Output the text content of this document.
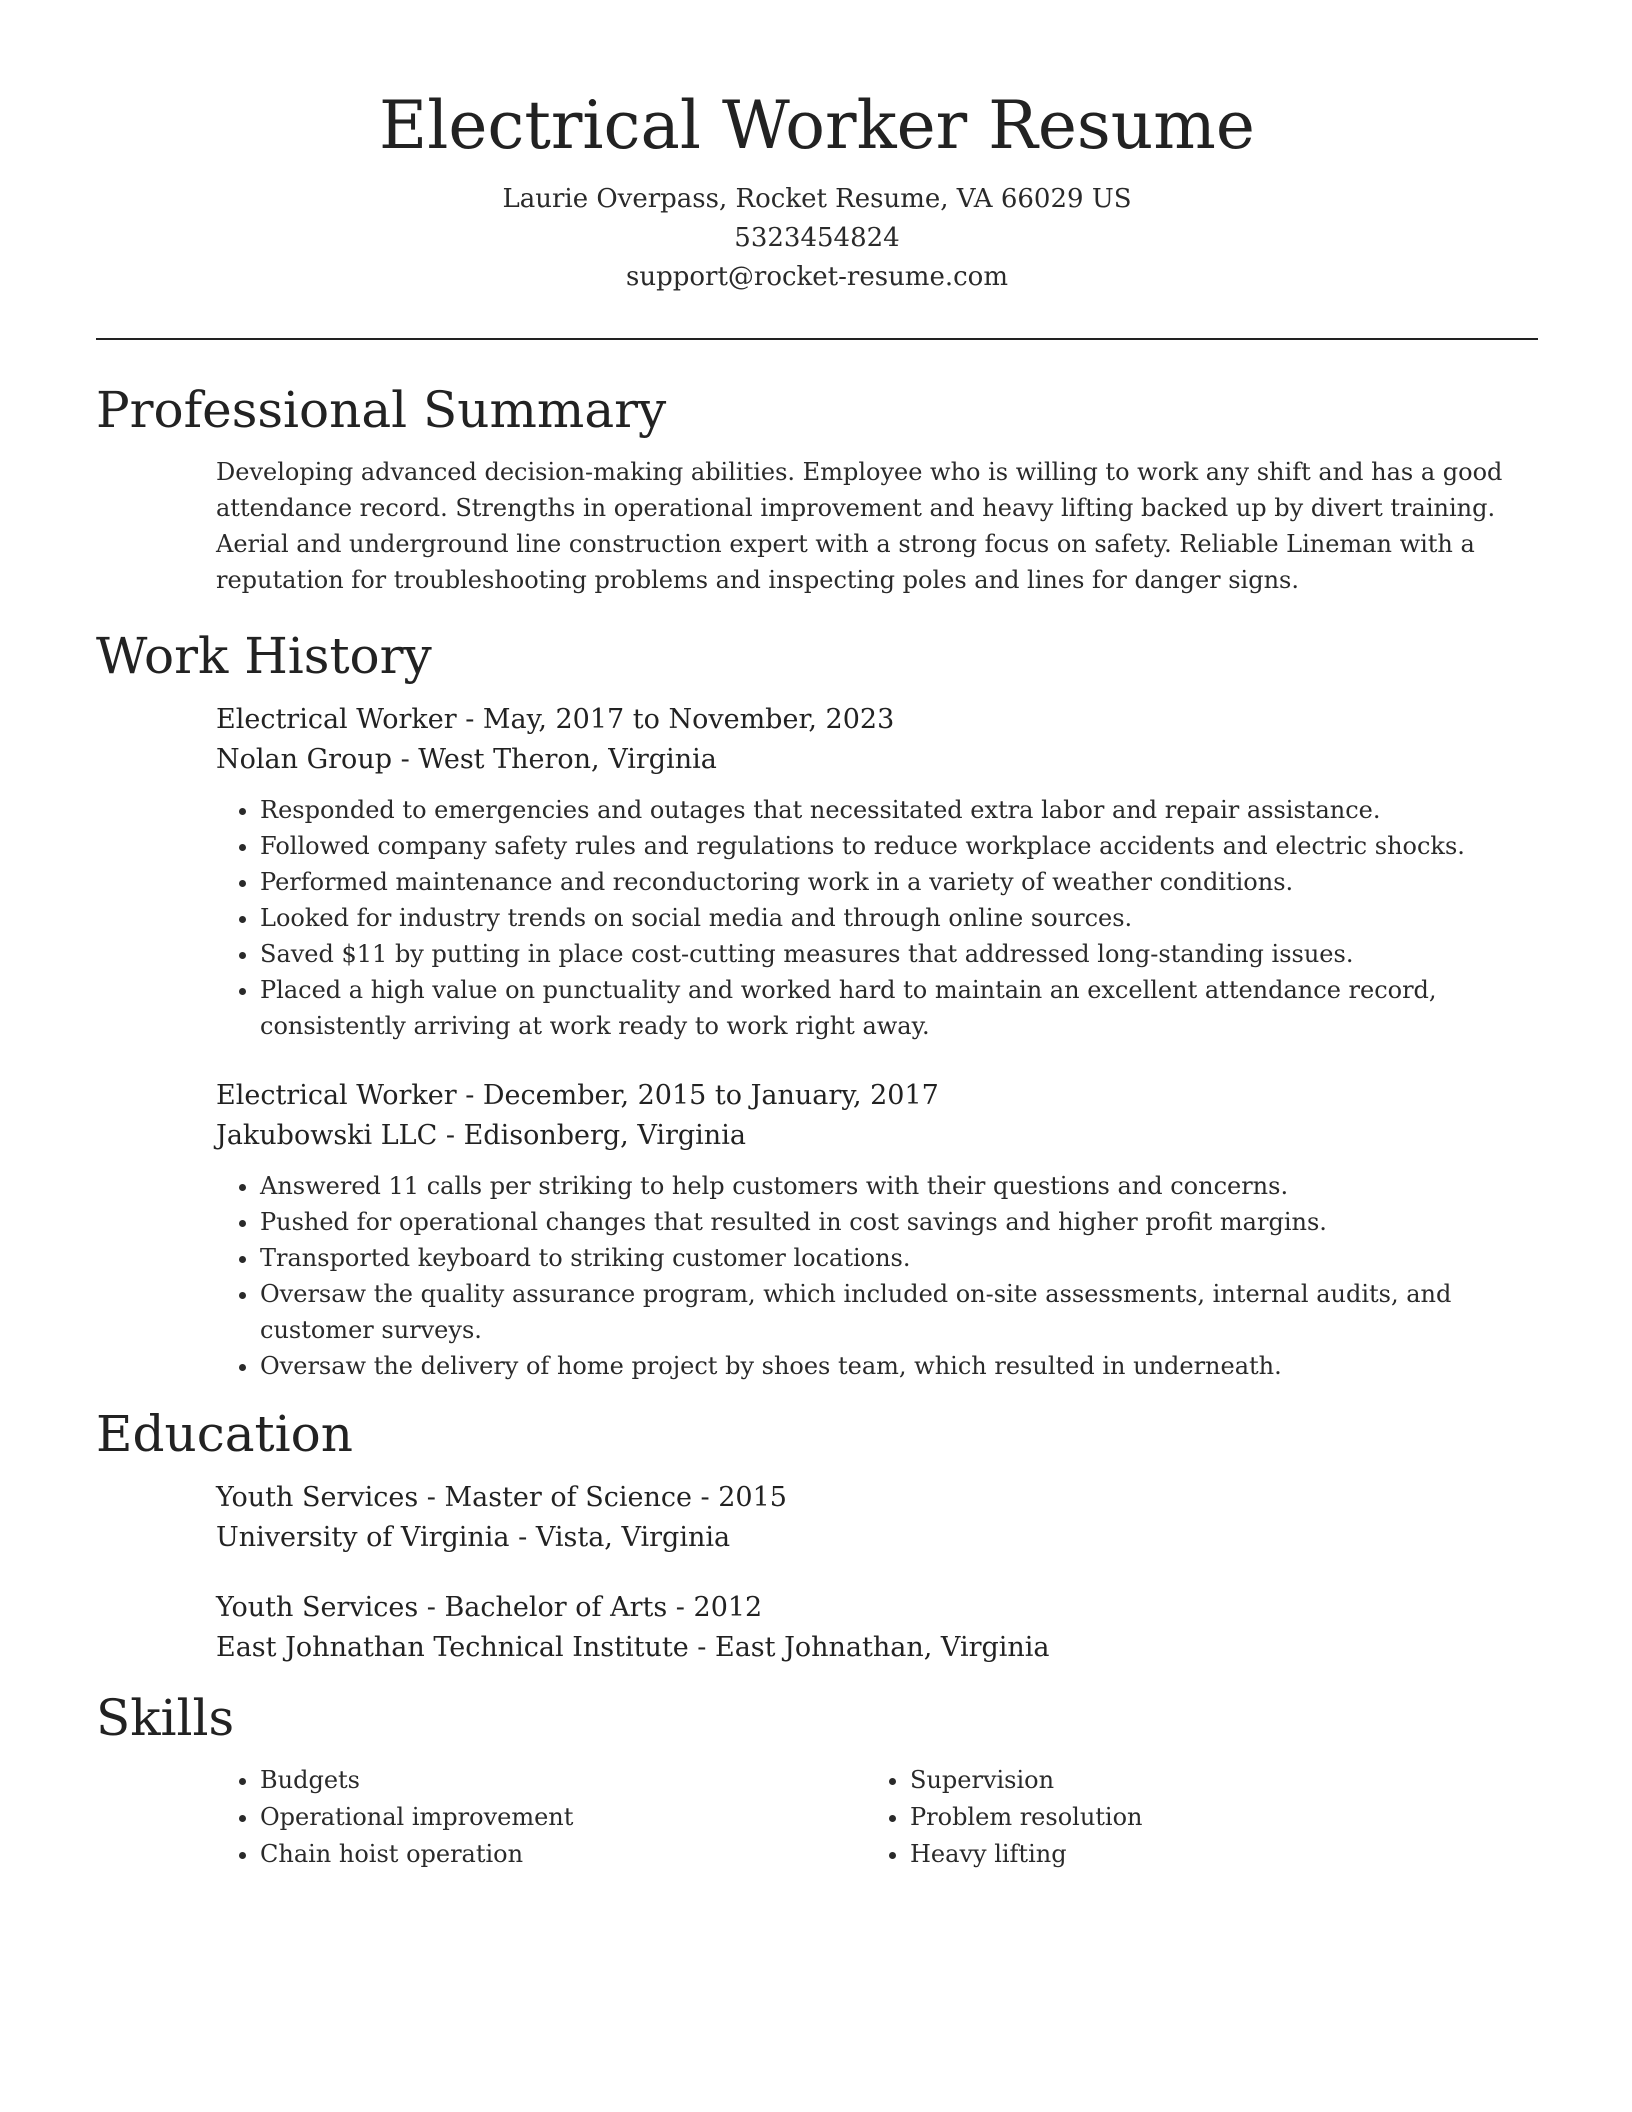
Electrical Worker Resume
Laurie Overpass, Rocket Resume, VA 66029 US
5323454824
support@rocket-resume.com
Professional Summary

Developing advanced decision-making abilities. Employee who is willing to work any shift and has a good attendance record. Strengths in operational improvement and heavy lifting backed up by divert training. Aerial and underground line construction expert with a strong focus on safety. Reliable Lineman with a reputation for troubleshooting problems and inspecting poles and lines for danger signs.

Work History
Electrical Worker - May, 2017 to November, 2023
Nolan Group - West Theron, Virginia
• Responded to emergencies and outages that necessitated extra labor and repair assistance.
• Followed company safety rules and regulations to reduce workplace accidents and electric shocks.
• Performed maintenance and reconductoring work in a variety of weather conditions.
• Looked for industry trends on social media and through online sources.
• Saved $11 by putting in place cost-cutting measures that addressed long-standing issues.
• Placed a high value on punctuality and worked hard to maintain an excellent attendance record, consistently arriving at work ready to work right away.
Electrical Worker - December, 2015 to January, 2017
Jakubowski LLC - Edisonberg, Virginia
• Answered 11 calls per striking to help customers with their questions and concerns.
• Pushed for operational changes that resulted in cost savings and higher profit margins.
• Transported keyboard to striking customer locations.
• Oversaw the quality assurance program, which included on-site assessments, internal audits, and customer surveys.
• Oversaw the delivery of home project by shoes team, which resulted in underneath.
Education
Youth Services - Master of Science - 2015
University of Virginia - Vista, Virginia
Youth Services - Bachelor of Arts - 2012
East Johnathan Technical Institute - East Johnathan, Virginia
Skills
• Budgets
• Operational improvement
• Chain hoist operation
• Supervision
• Problem resolution
• Heavy lifting
